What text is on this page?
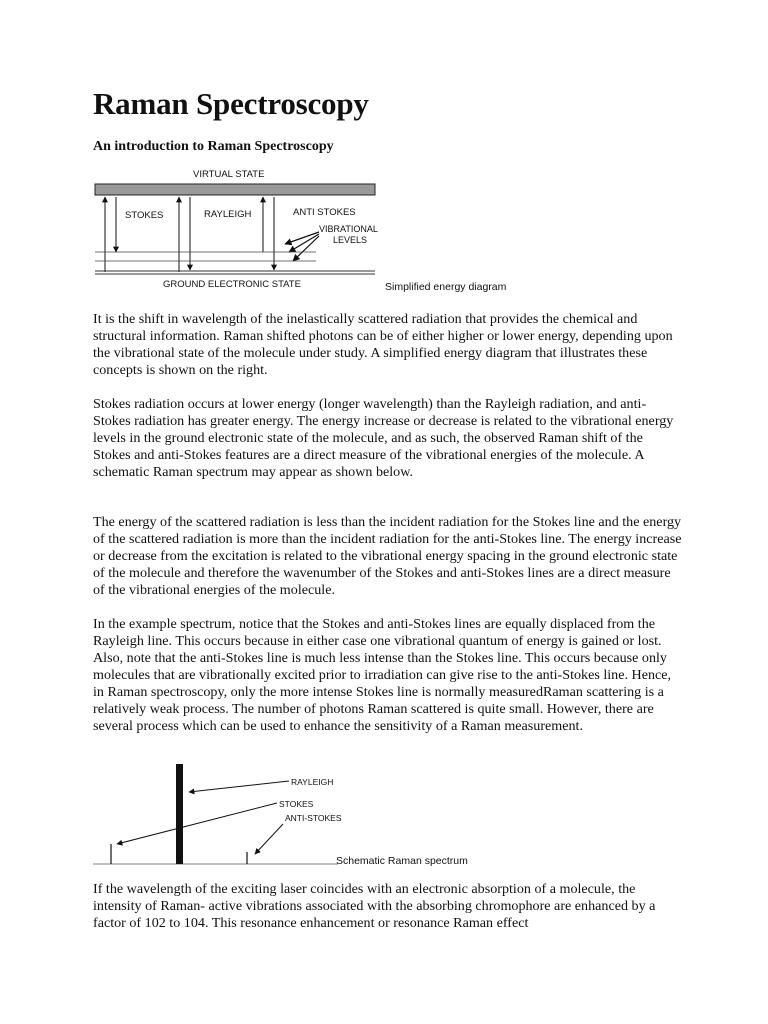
Raman Spectroscopy
An introduction to Raman Spectroscopy
VIRTUAL STATE
STOKES	RAYLEIGH	ANTI STOKES
VIBRATIONAL
LEVELS
GROUND ELECTRONIC STATE	Simplified energy diagram

It is the shift in wavelength of the inelastically scattered radiation that provides the chemical and structural information. Raman shifted photons can be of either higher or lower energy, depending upon the vibrational state of the molecule under study. A simplified energy diagram that illustrates these concepts is shown on the right.

Stokes radiation occurs at lower energy (longer wavelength) than the Rayleigh radiation, and anti-Stokes radiation has greater energy. The energy increase or decrease is related to the vibrational energy levels in the ground electronic state of the molecule, and as such, the observed Raman shift of the Stokes and anti-Stokes features are a direct measure of the vibrational energies of the molecule. A schematic Raman spectrum may appear as shown below.

The energy of the scattered radiation is less than the incident radiation for the Stokes line and the energy of the scattered radiation is more than the incident radiation for the anti-Stokes line. The energy increase or decrease from the excitation is related to the vibrational energy spacing in the ground electronic state of the molecule and therefore the wavenumber of the Stokes and anti-Stokes lines are a direct measure of the vibrational energies of the molecule.

In the example spectrum, notice that the Stokes and anti-Stokes lines are equally displaced from the Rayleigh line. This occurs because in either case one vibrational quantum of energy is gained or lost. Also, note that the anti-Stokes line is much less intense than the Stokes line. This occurs because only molecules that are vibrationally excited prior to irradiation can give rise to the anti-Stokes line. Hence, in Raman spectroscopy, only the more intense Stokes line is normally measuredRaman scattering is a relatively weak process. The number of photons Raman scattered is quite small. However, there are several process which can be used to enhance the sensitivity of a Raman measurement.

RAYLEIGH
STOKES
ANTI-STOKES
Schematic Raman spectrum

If the wavelength of the exciting laser coincides with an electronic absorption of a molecule, the intensity of Raman- active vibrations associated with the absorbing chromophore are enhanced by a factor of 102 to 104. This resonance enhancement or resonance Raman effect
